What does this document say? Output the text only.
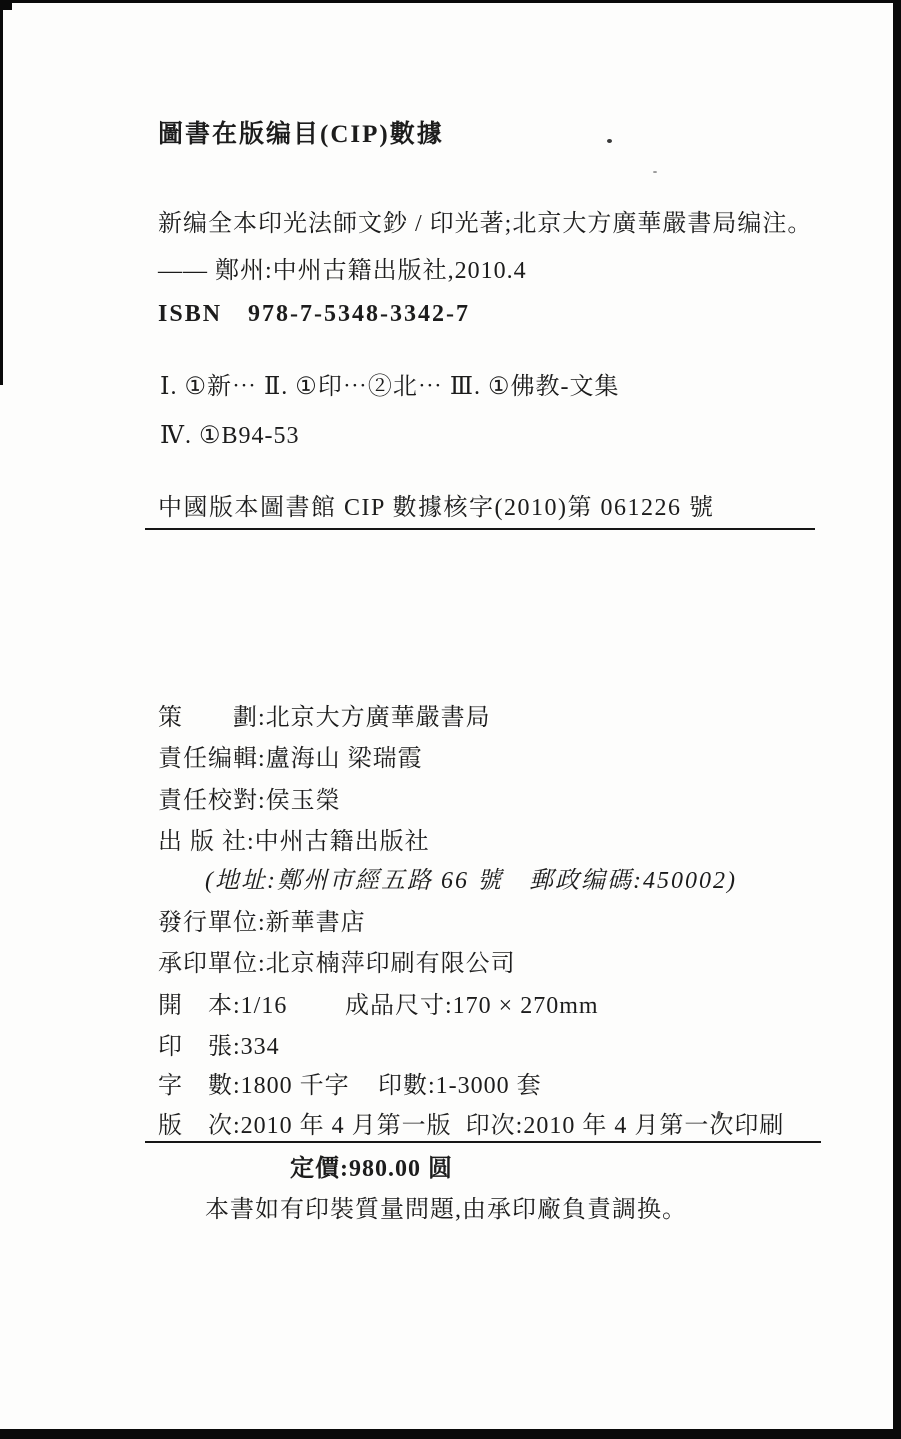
圖書在版编目(CIP)數據
新编全本印光法師文鈔 / 印光著;北京大方廣華嚴書局编注。
—— 鄭州:中州古籍出版社,2010.4
ISBN　978-7-5348-3342-7
Ⅰ. ①新⋯ Ⅱ. ①印⋯②北⋯ Ⅲ. ①佛教-文集
Ⅳ. ①B94-53
中國版本圖書館 CIP 數據核字(2010)第 061226 號
策　　劃:北京大方廣華嚴書局
責任编輯:盧海山 梁瑞霞
責任校對:侯玉榮
出 版 社:中州古籍出版社
(地址:鄭州市經五路 66 號　郵政编碼:450002)
發行單位:新華書店
承印單位:北京楠萍印刷有限公司
開　本:1/16	成品尺寸:170 × 270mm
印　張:334
字　數:1800 千字	印數:1-3000 套
版　次:2010 年 4 月第一版 印次:2010 年 4 月第一次印刷
定價:980.00 圆
本書如有印裝質量問題,由承印廠負責調换。
